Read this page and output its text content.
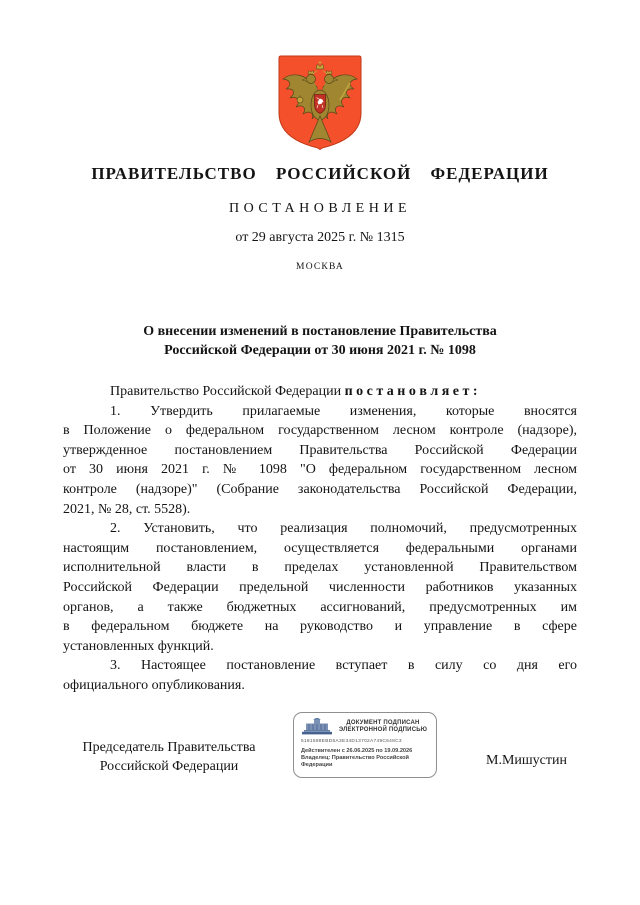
ПРАВИТЕЛЬСТВО РОССИЙСКОЙ ФЕДЕРАЦИИ
ПОСТАНОВЛЕНИЕ
от 29 августа 2025 г. № 1315
МОСКВА
О внесении изменений в постановление Правительства
Российской Федерации от 30 июня 2021 г. № 1098
Правительство Российской Федерации п о с т а н о в л я е т :
1. Утвердить прилагаемые изменения, которые вносятся
в Положение о федеральном государственном лесном контроле (надзоре),
утвержденное постановлением Правительства Российской Федерации
от 30 июня 2021 г. № 1098 "О федеральном государственном лесном
контроле (надзоре)" (Собрание законодательства Российской Федерации,
2021, № 28, ст. 5528).
2. Установить, что реализация полномочий, предусмотренных
настоящим постановлением, осуществляется федеральными органами
исполнительной власти в пределах установленной Правительством
Российской Федерации предельной численности работников указанных
органов, а также бюджетных ассигнований, предусмотренных им
в федеральном бюджете на руководство и управление в сфере
установленных функций.
3. Настоящее постановление вступает в силу со дня его
официального опубликования.
Председатель Правительства
Российской Федерации
ДОКУМЕНТ ПОДПИСАН
ЭЛЕКТРОННОЙ ПОДПИСЬЮ
5181588EBD5A3E34D13702A749C648C3
Действителен с 26.06.2025 по 19.09.2026
Владелец: Правительство Российской
Федерации	М.Мишустин
